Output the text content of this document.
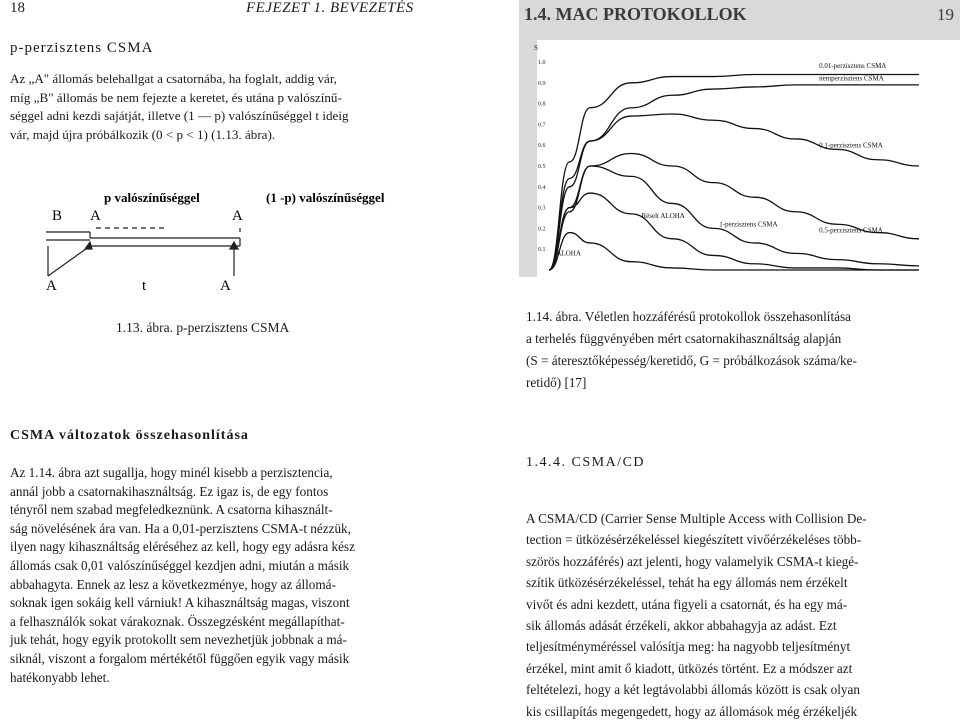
18	FEJEZET 1. BEVEZETÉS
p-perzisztens CSMA
Az „A" állomás belehallgat a csatornába, ha foglalt, addig vár,
míg „B" állomás be nem fejezte a keretet, és utána p valószínű-
séggel adni kezdi sajátját, illetve (1 — p) valószínűséggel t ideig
vár, majd újra próbálkozik (0 < p < 1) (1.13. ábra).
p valószínűséggel	(1 -p) valószínűséggel
B A	A
A	t	A
1.13. ábra. p-perzisztens CSMA
CSMA változatok összehasonlítása
Az 1.14. ábra azt sugallja, hogy minél kisebb a perzisztencia,
annál jobb a csatornakihasználtság. Ez igaz is, de egy fontos
tényről nem szabad megfeledkeznünk. A csatorna kihasznált-
ság növelésének ára van. Ha a 0,01-perzisztens CSMA-t nézzük,
ilyen nagy kihasználtság eléréséhez az kell, hogy egy adásra kész
állomás csak 0,01 valószínűséggel kezdjen adni, miután a másik
abbahagyta. Ennek az lesz a következménye, hogy az állomá-
soknak igen sokáig kell várniuk! A kihasználtság magas, viszont
a felhasználók sokat várakoznak. Összegzésként megállapíthat-
juk tehát, hogy egyik protokollt sem nevezhetjük jobbnak a má-
siknál, viszont a forgalom mértékétől függően egyik vagy másik
hatékonyabb lehet.
1.4. MAC PROTOKOLLOK	19
S
1.0
0.9
0.8
0.7
0.6
0.5
0.4
0.3
0.2
0.1
0.01-perzisztens CSMA
nemperzisztens CSMA
0.1-perzisztens CSMA
0.5-perzisztens CSMA
1-perzisztens CSMA
Réselt ALOHA
ALOHA
1.14. ábra. Véletlen hozzáférésű protokollok összehasonlítása
a terhelés függvényében mért csatornakihasználtság alapján
(S = áteresztőképesség/keretidő, G = próbálkozások száma/ke-
retidő) [17]
1.4.4. CSMA/CD
A CSMA/CD (Carrier Sense Multiple Access with Collision De-
tection = ütközésérzékeléssel kiegészített vivőérzékeléses több-
szörös hozzáférés) azt jelenti, hogy valamelyik CSMA-t kiegé-
szítik ütközésérzékeléssel, tehát ha egy állomás nem érzékelt
vivőt és adni kezdett, utána figyeli a csatornát, és ha egy má-
sik állomás adását érzékeli, akkor abbahagyja az adást. Ezt
teljesítményméréssel valósítja meg: ha nagyobb teljesítményt
érzékel, mint amit ő kiadott, ütközés történt. Ez a módszer azt
feltételezi, hogy a két legtávolabbi állomás között is csak olyan
kis csillapítás megengedett, hogy az állomások még érzékeljék
